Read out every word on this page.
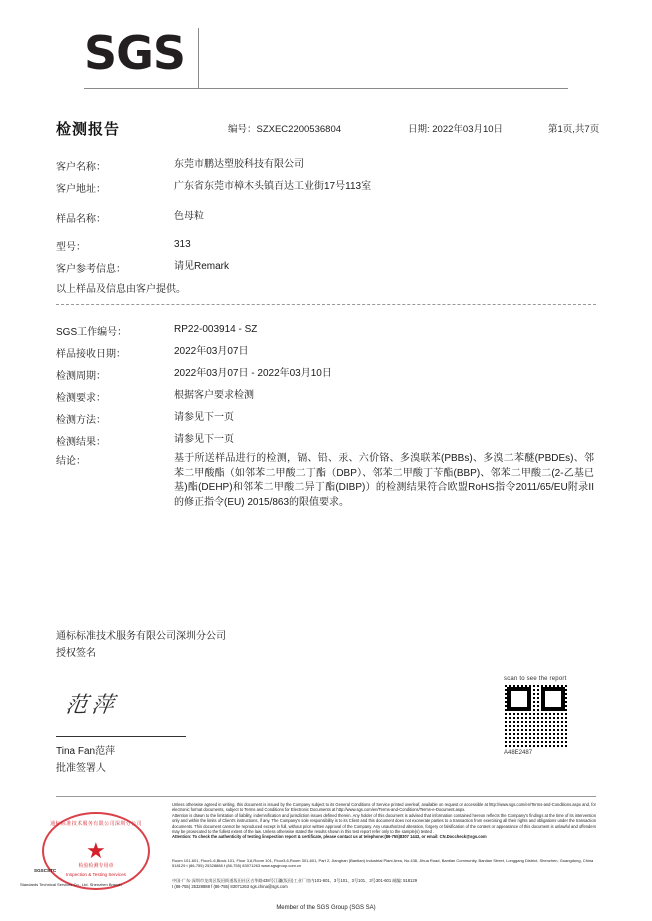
SGS
检测报告	编号：SZXEC2200536804	日期: 2022年03月10日	第1页,共7页
客户名称：	东莞市鹏达塑胶科技有限公司
客户地址：	广东省东莞市樟木头镇百达工业街17号113室
样品名称：	色母粒
型号：	313
客户参考信息：	请见Remark
以上样品及信息由客户提供。
SGS工作编号：	RP22-003914 - SZ
样品接收日期：	2022年03月07日
检测周期：	2022年03月07日 - 2022年03月10日
检测要求：	根据客户要求检测
检测方法：	请参见下一页
检测结果：	请参见下一页
结论：	基于所送样品进行的检测，镉、铅、汞、六价铬、多溴联苯(PBBs)、多溴二苯醚(PBDEs)、邻苯二甲酸酯（如邻苯二甲酸二丁酯（DBP）、邻苯二甲酸丁苄酯(BBP)、邻苯二甲酸二(2-乙基已基)酯(DEHP)和邻苯二甲酸二异丁酯(DIBP)）的检测结果符合欧盟RoHS指令2011/65/EU附录II的修正指令(EU) 2015/863的限值要求。
通标标准技术服务有限公司深圳分公司
授权签名
范萍
Tina Fan范萍
批准签署人
scan to see the report
A48E2487
通标标准技术服务有限公司深圳分公司
★
检验检测专用章
Inspection & Testing Services
SGSCSTC
Standards Technical Services Co., Ltd. Shenzhen Branch
Unless otherwise agreed in writing, this document is issued by the Company subject to its General Conditions of Service printed overleaf, available on request or accessible at http://www.sgs.com/en/Terms-and-Conditions.aspx and, for electronic format documents, subject to Terms and Conditions for Electronic Documents at http://www.sgs.com/en/Terms-and-Conditions/Terms-e-Document.aspx.
Attention is drawn to the limitation of liability, indemnification and jurisdiction issues defined therein. Any holder of this document is advised that information contained hereon reflects the Company's findings at the time of its intervention only and within the limits of Client's instructions, if any. The Company's sole responsibility is to its Client and this document does not exonerate parties to a transaction from exercising all their rights and obligations under the transaction documents. This document cannot be reproduced except in full, without prior written approval of the Company. Any unauthorized alteration, forgery or falsification of the content or appearance of this document is unlawful and offenders may be prosecuted to the fullest extent of the law. Unless otherwise stated the results shown in this test report refer only to the sample(s) tested .
Attention: To check the authenticity of testing /inspection report & certificate, please contact us at telephone:(86-755)8307 1443, or email: CN.Doccheck@sgs.com
Room 101-601, Floor1-6,Block 101, Floor 3,6,Room 101, Floor3,6,Room 301-601, Part 2, Jianghan (Bantian) Industrial Plant Area, No.438, Jihua Road, Bantian Community, Bantian Street, Longgang District, Shenzhen, Guangdong, China 518129 t (86-755) 25328888 f (86-755) 83071263 www.sgsgroup.com.cn
中国·广东·深圳市龙岗区坂田街道坂田社区吉华路438号江疆(坂田)工业厂房内101-601、3号101、3号101、3号301-601 邮编: 518129
t (86-755) 25328888 f (86-755) 83071263 sgs.china@sgs.com
Member of the SGS Group (SGS SA)
